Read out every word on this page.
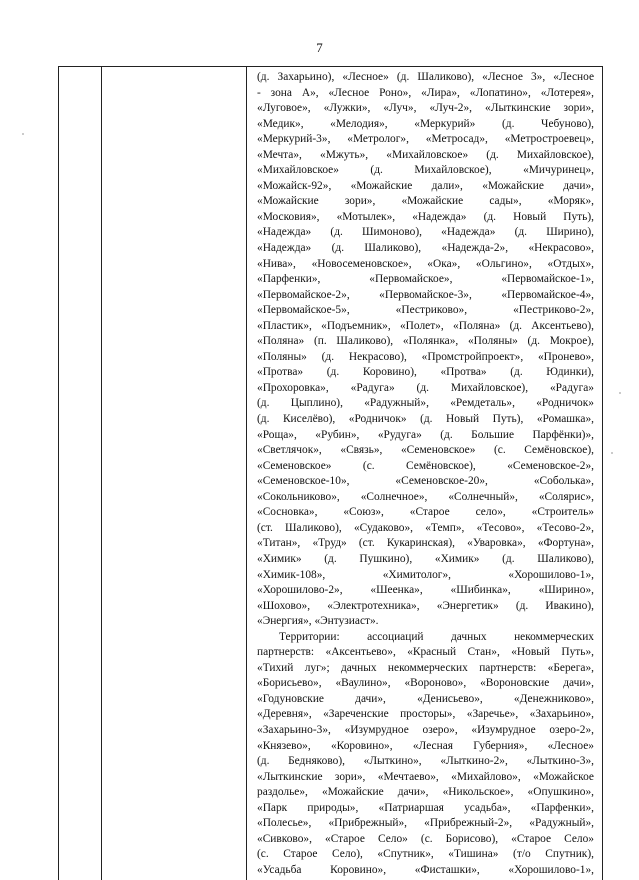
7
(д. Захарьино), «Лесное» (д. Шаликово), «Лесное 3», «Лесное
- зона А», «Лесное Роно», «Лира», «Лопатино», «Лотерея»,
«Луговое», «Лужки», «Луч», «Луч-2», «Лыткинские зори»,
«Медик», «Мелодия», «Меркурий» (д. Чебуново),
«Меркурий-3», «Метролог», «Метросад», «Метростроевец»,
«Мечта», «Мжуть», «Михайловское» (д. Михайловское),
«Михайловское» (д. Михайловское), «Мичуринец»,
«Можайск-92», «Можайские дали», «Можайские дачи»,
«Можайские зори», «Можайские сады», «Моряк»,
«Московия», «Мотылек», «Надежда» (д. Новый Путь),
«Надежда» (д. Шимоново), «Надежда» (д. Ширино),
«Надежда» (д. Шаликово), «Надежда-2», «Некрасово»,
«Нива», «Новосеменовское», «Ока», «Ольгино», «Отдых»,
«Парфенки», «Первомайское», «Первомайское-1»,
«Первомайское-2», «Первомайское-3», «Первомайское-4»,
«Первомайское-5», «Пестриково», «Пестриково-2»,
«Пластик», «Подъемник», «Полет», «Поляна» (д. Аксентьево),
«Поляна» (п. Шаликово), «Полянка», «Поляны» (д. Мокрое),
«Поляны» (д. Некрасово), «Промстройпроект», «Пронево»,
«Протва» (д. Коровино), «Протва» (д. Юдинки),
«Прохоровка», «Радуга» (д. Михайловское), «Радуга»
(д. Цыплино), «Радужный», «Ремдеталь», «Родничок»
(д. Киселёво), «Родничок» (д. Новый Путь), «Ромашка»,
«Роща», «Рубин», «Рудуга» (д. Большие Парфёнки)»,
«Светлячок», «Связь», «Семеновское» (с. Семёновское),
«Семеновское» (с. Семёновское), «Семеновское-2»,
«Семеновское-10», «Семеновское-20», «Соболька»,
«Сокольниково», «Солнечное», «Солнечный», «Солярис»,
«Сосновка», «Союз», «Старое село», «Строитель»
(ст. Шаликово), «Судаково», «Темп», «Тесово», «Тесово-2»,
«Титан», «Труд» (ст. Кукаринская), «Уваровка», «Фортуна»,
«Химик» (д. Пушкино), «Химик» (д. Шаликово),
«Химик-108», «Химитолог», «Хорошилово-1»,
«Хорошилово-2», «Шеенка», «Шибинка», «Ширино»,
«Шохово», «Электротехника», «Энергетик» (д. Ивакино),
«Энергия», «Энтузиаст».
Территории: ассоциаций дачных некоммерческих
партнерств: «Аксентьево», «Красный Стан», «Новый Путь»,
«Тихий луг»; дачных некоммерческих партнерств: «Берега»,
«Борисьево», «Ваулино», «Вороново», «Вороновские дачи»,
«Годуновские дачи», «Денисьево», «Денежниково»,
«Деревня», «Зареченские просторы», «Заречье», «Захарьино»,
«Захарьино-3», «Изумрудное озеро», «Изумрудное озеро-2»,
«Князево», «Коровино», «Лесная Губерния», «Лесное»
(д. Бедняково), «Лыткино», «Лыткино-2», «Лыткино-3»,
«Лыткинские зори», «Мечтаево», «Михайлово», «Можайское
раздолье», «Можайские дачи», «Никольское», «Опушкино»,
«Парк природы», «Патриаршая усадьба», «Парфенки»,
«Полесье», «Прибрежный», «Прибрежный-2», «Радужный»,
«Сивково», «Старое Село» (с. Борисово), «Старое Село»
(с. Старое Село), «Спутник», «Тишина» (т/о Спутник),
«Усадьба Коровино», «Фисташки», «Хорошилово-1»,
